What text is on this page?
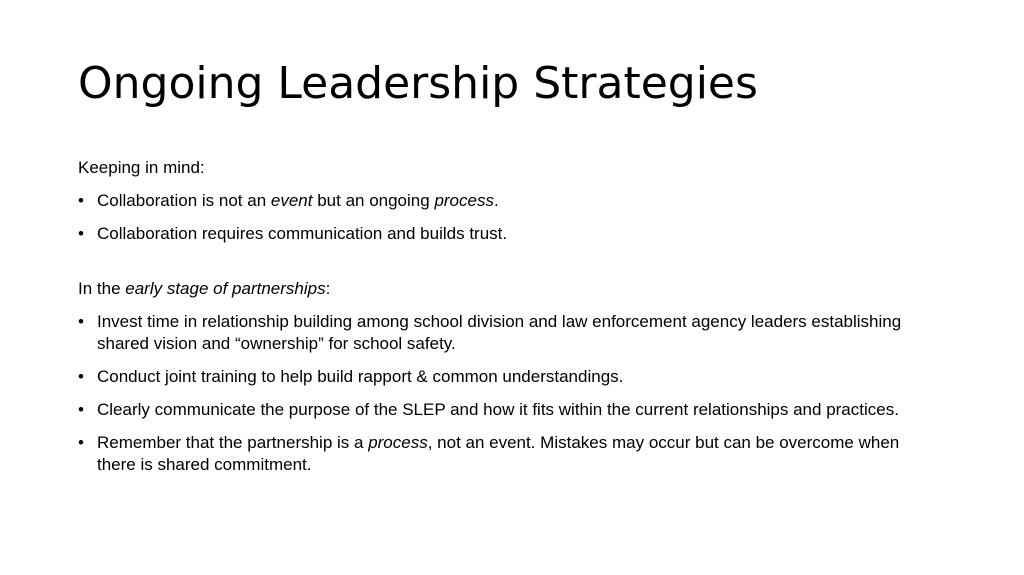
Ongoing Leadership Strategies

Keeping in mind:

• Collaboration is not an event but an ongoing process.
• Collaboration requires communication and builds trust.

In the early stage of partnerships:

• Invest time in relationship building among school division and law enforcement agency leaders establishing shared vision and “ownership” for school safety.
• Conduct joint training to help build rapport & common understandings.
• Clearly communicate the purpose of the SLEP and how it fits within the current relationships and practices.
• Remember that the partnership is a process, not an event. Mistakes may occur but can be overcome when there is shared commitment.
